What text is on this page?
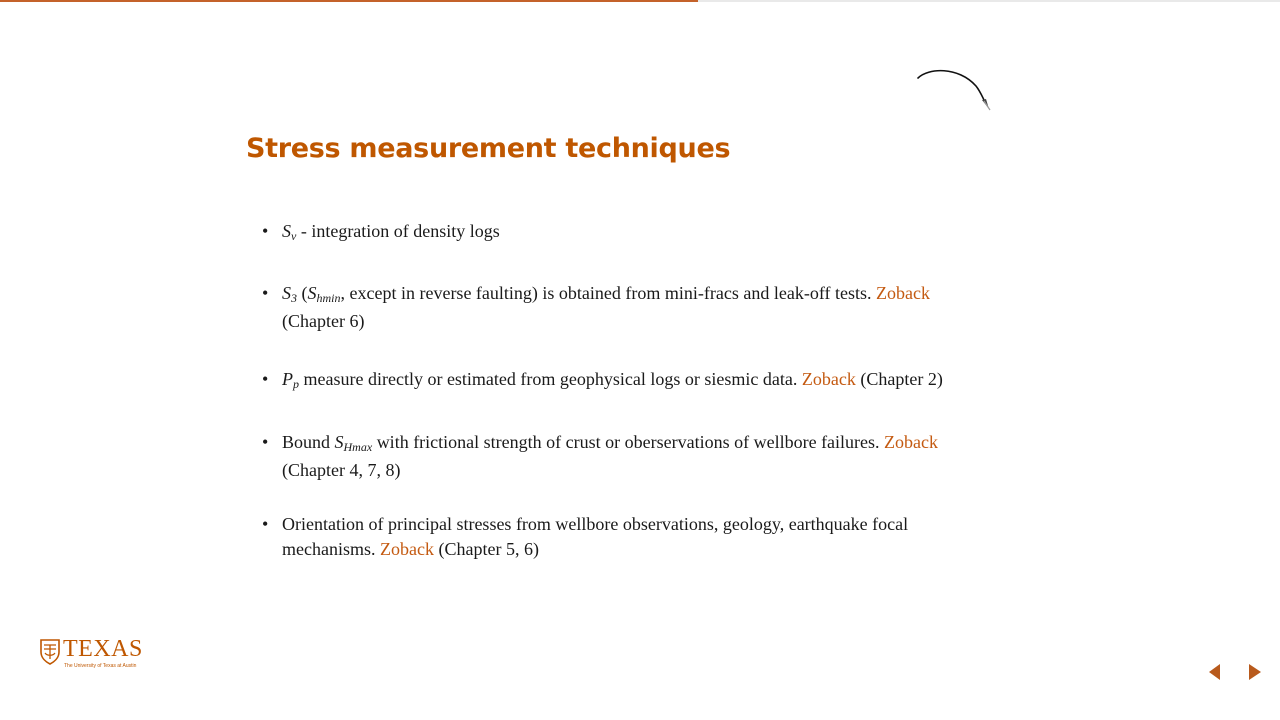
Stress measurement techniques
• $S_v$ - integration of density logs
• $S_3$ ($S_{hmin}$, except in reverse faulting) is obtained from mini-fracs and leak-off tests. Zoback
(Chapter 6)
• $P_p$ measure directly or estimated from geophysical logs or siesmic data. Zoback (Chapter 2)
• Bound $S_{Hmax}$ with frictional strength of crust or oberservations of wellbore failures. Zoback
(Chapter 4, 7, 8)
• Orientation of principal stresses from wellbore observations, geology, earthquake focal
mechanisms. Zoback (Chapter 5, 6)
TEXAS
The University of Texas at Austin
